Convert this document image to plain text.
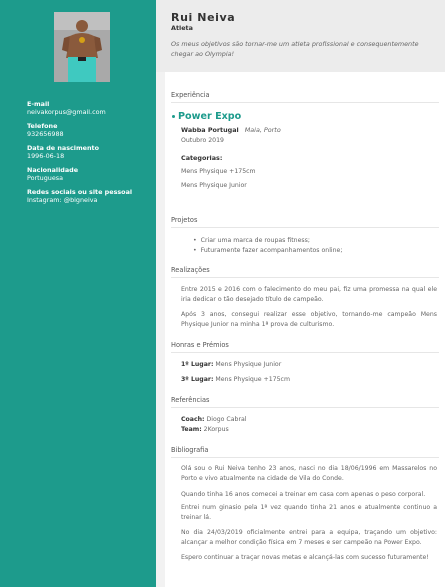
E-mail
neivakorpus@gmail.com
Telefone
932656988
Data de nascimento
1996-06-18
Nacionalidade
Portuguesa
Redes sociais ou site pessoal
Instagram: @bigneiva
Rui Neiva
Atleta
Os meus objetivos são tornar-me um atleta profissional e consequentemente chegar ao Olympia!
Experiência
Power Expo
Wabba Portugal Maia, Porto
Outubro 2019
Categorias:
Mens Physique +175cm
Mens Physique Junior
Projetos
• Criar uma marca de roupas fitness;
• Futuramente fazer acompanhamentos online;
Realizações
Entre 2015 e 2016 com o falecimento do meu pai, fiz uma promessa na qual ele iria dedicar o tão desejado título de campeão.
Após 3 anos, consegui realizar esse objetivo, tornando-me campeão Mens Physique Junior na minha 1ª prova de culturismo.
Honras e Prémios
1º Lugar: Mens Physique Junior
3º Lugar: Mens Physique +175cm
Referências
Coach: Diogo Cabral
Team: 2Korpus
Bibliografia
Olá sou o Rui Neiva tenho 23 anos, nasci no dia 18/06/1996 em Massarelos no Porto e vivo atualmente na cidade de Vila do Conde.
Quando tinha 16 anos comecei a treinar em casa com apenas o peso corporal.
Entrei num ginasio pela 1ª vez quando tinha 21 anos e atualmente continuo a treinar lá.
No dia 24/03/2019 oficialmente entrei para a equipa, traçando um objetivo: alcançar a melhor condição física em 7 meses e ser campeão na Power Expo.
Espero continuar a traçar novas metas e alcançá-las com sucesso futuramente!
